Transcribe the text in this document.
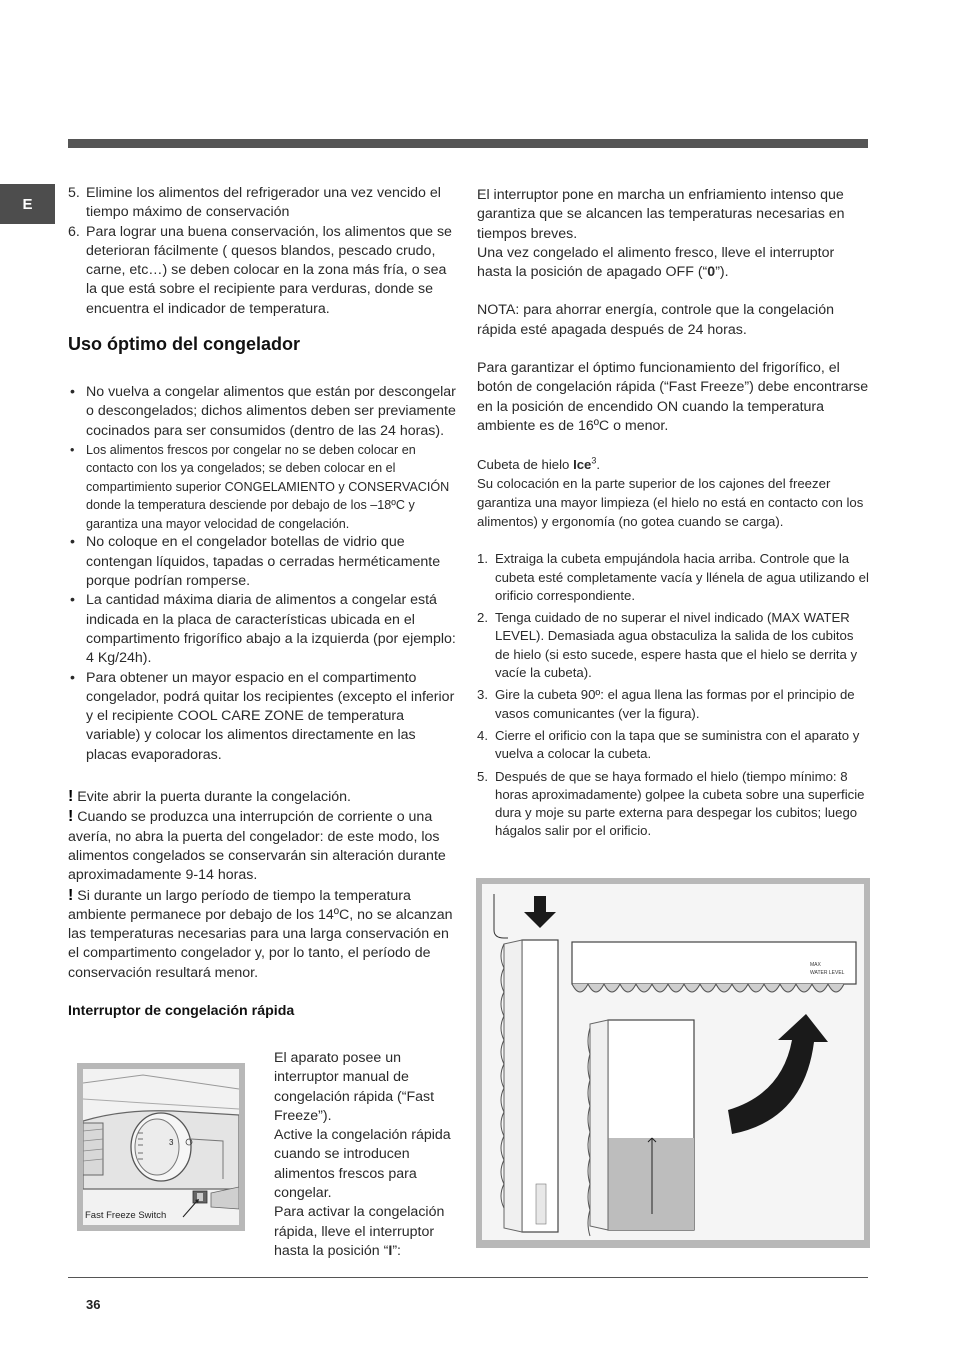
E
5. Elimine los alimentos del refrigerador una vez vencido el tiempo máximo de conservación
6. Para lograr una buena conservación, los alimentos que se deterioran fácilmente ( quesos blandos, pescado crudo, carne, etc…) se deben colocar en la zona más fría, o sea la que está sobre el recipiente para verduras, donde se encuentra el indicador de temperatura.
Uso óptimo del congelador
• No vuelva a congelar alimentos que están por descongelar o descongelados; dichos alimentos deben ser previamente cocinados para ser consumidos (dentro de las 24 horas).
• Los alimentos frescos por congelar no se deben colocar en contacto con los ya congelados; se deben colocar en el compartimiento superior CONGELAMIENTO y CONSERVACIÓN donde la temperatura desciende por debajo de los –18ºC y garantiza una mayor velocidad de congelación.
• No coloque en el congelador botellas de vidrio que contengan líquidos, tapadas o cerradas herméticamente porque podrían romperse.
• La cantidad máxima diaria de alimentos a congelar está indicada en la placa de características ubicada en el compartimento frigorífico abajo a la izquierda (por ejemplo: 4 Kg/24h).
• Para obtener un mayor espacio en el compartimento congelador, podrá quitar los recipientes (excepto el inferior y el recipiente COOL CARE ZONE de temperatura variable) y colocar los alimentos directamente en las placas evaporadoras.

! Evite abrir la puerta durante la congelación.

! Cuando se produzca una interrupción de corriente o una avería, no abra la puerta del congelador: de este modo, los alimentos congelados se conservarán sin alteración durante aproximadamente 9-14 horas.

! Si durante un largo período de tiempo la temperatura ambiente permanece por debajo de los 14ºC, no se alcanzan las temperaturas necesarias para una larga conservación en el compartimento congelador y, por lo tanto, el período de conservación resultará menor.

Interruptor de congelación rápida
El aparato posee un interruptor manual de congelación rápida (“Fast Freeze”).
Active la congelación rápida cuando se introducen alimentos frescos para congelar.
Para activar la congelación rápida, lleve el interruptor hasta la posición “I”:
3
Fast Freeze Switch

El interruptor pone en marcha un enfriamiento intenso que garantiza que se alcancen las temperaturas necesarias en tiempos breves.

Una vez congelado el alimento fresco, lleve el interruptor hasta la posición de apagado OFF (“0”).

NOTA: para ahorrar energía, controle que la congelación rápida esté apagada después de 24 horas.

Para garantizar el óptimo funcionamiento del frigorífico, el botón de congelación rápida (“Fast Freeze”) debe encontrarse en la posición de encendido ON cuando la temperatura ambiente es de 16ºC o menor.

Cubeta de hielo Ice$^3$.

Su colocación en la parte superior de los cajones del freezer garantiza una mayor limpieza (el hielo no está en contacto con los alimentos) y ergonomía (no gotea cuando se carga).

1. Extraiga la cubeta empujándola hacia arriba. Controle que la cubeta esté completamente vacía y llénela de agua utilizando el orificio correspondiente.
2. Tenga cuidado de no superar el nivel indicado (MAX WATER LEVEL). Demasiada agua obstaculiza la salida de los cubitos de hielo (si esto sucede, espere hasta que el hielo se derrita y vacíe la cubeta).
3. Gire la cubeta 90º: el agua llena las formas por el principio de vasos comunicantes (ver la figura).
4. Cierre el orificio con la tapa que se suministra con el aparato y vuelva a colocar la cubeta.
5. Después de que se haya formado el hielo (tiempo mínimo: 8 horas aproximadamente) golpee la cubeta sobre una superficie dura y moje su parte externa para despegar los cubitos; luego hágalos salir por el orificio.
MAX
WATER LEVEL
36
